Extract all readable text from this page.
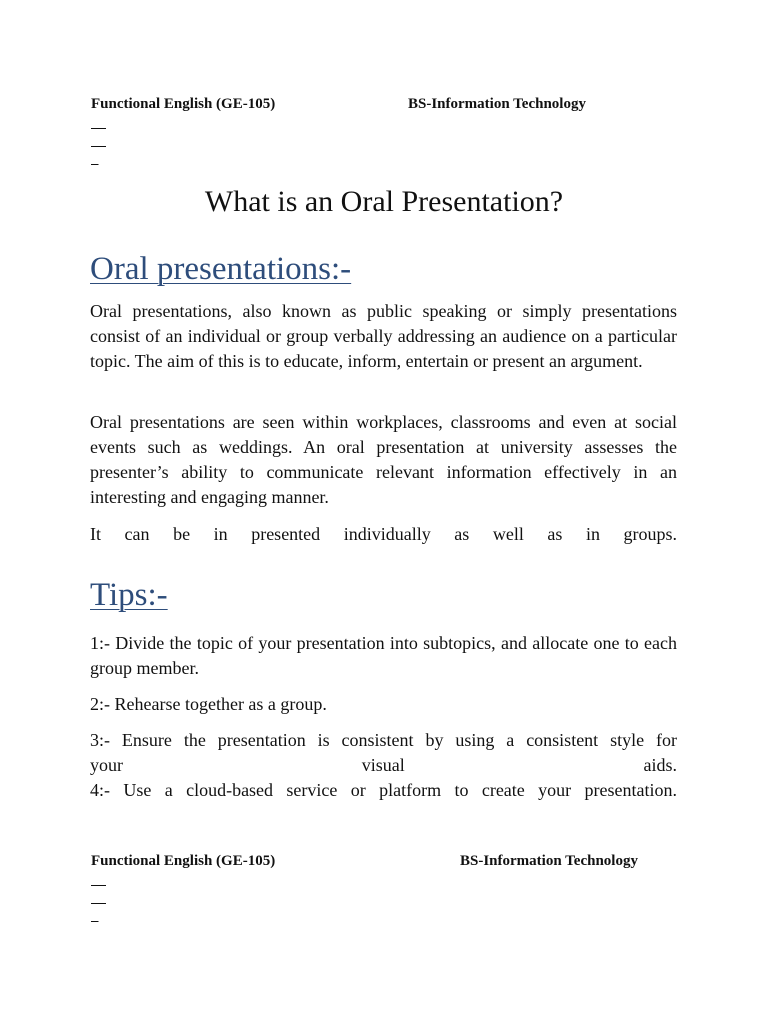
Functional English (GE-105)

	BS-Information Technology

What is an Oral Presentation?
Oral presentations:-

Oral presentations, also known as public speaking or simply presentations consist of an individual or group verbally addressing an audience on a particular topic. The aim of this is to educate, inform, entertain or present an argument.

Oral presentations are seen within workplaces, classrooms and even at social events such as weddings. An oral presentation at university assesses the presenter’s ability to communicate relevant information effectively in an interesting and engaging manner.

It can be in presented individually as well as in groups.

Tips:-

1:- Divide the topic of your presentation into subtopics, and allocate one to each group member.

2:- Rehearse together as a group.

3:- Ensure the presentation is consistent by using a consistent style for

your visual aids.

4:- Use a cloud-based service or platform to create your presentation.

Functional English (GE-105)

	BS-Information Technology
